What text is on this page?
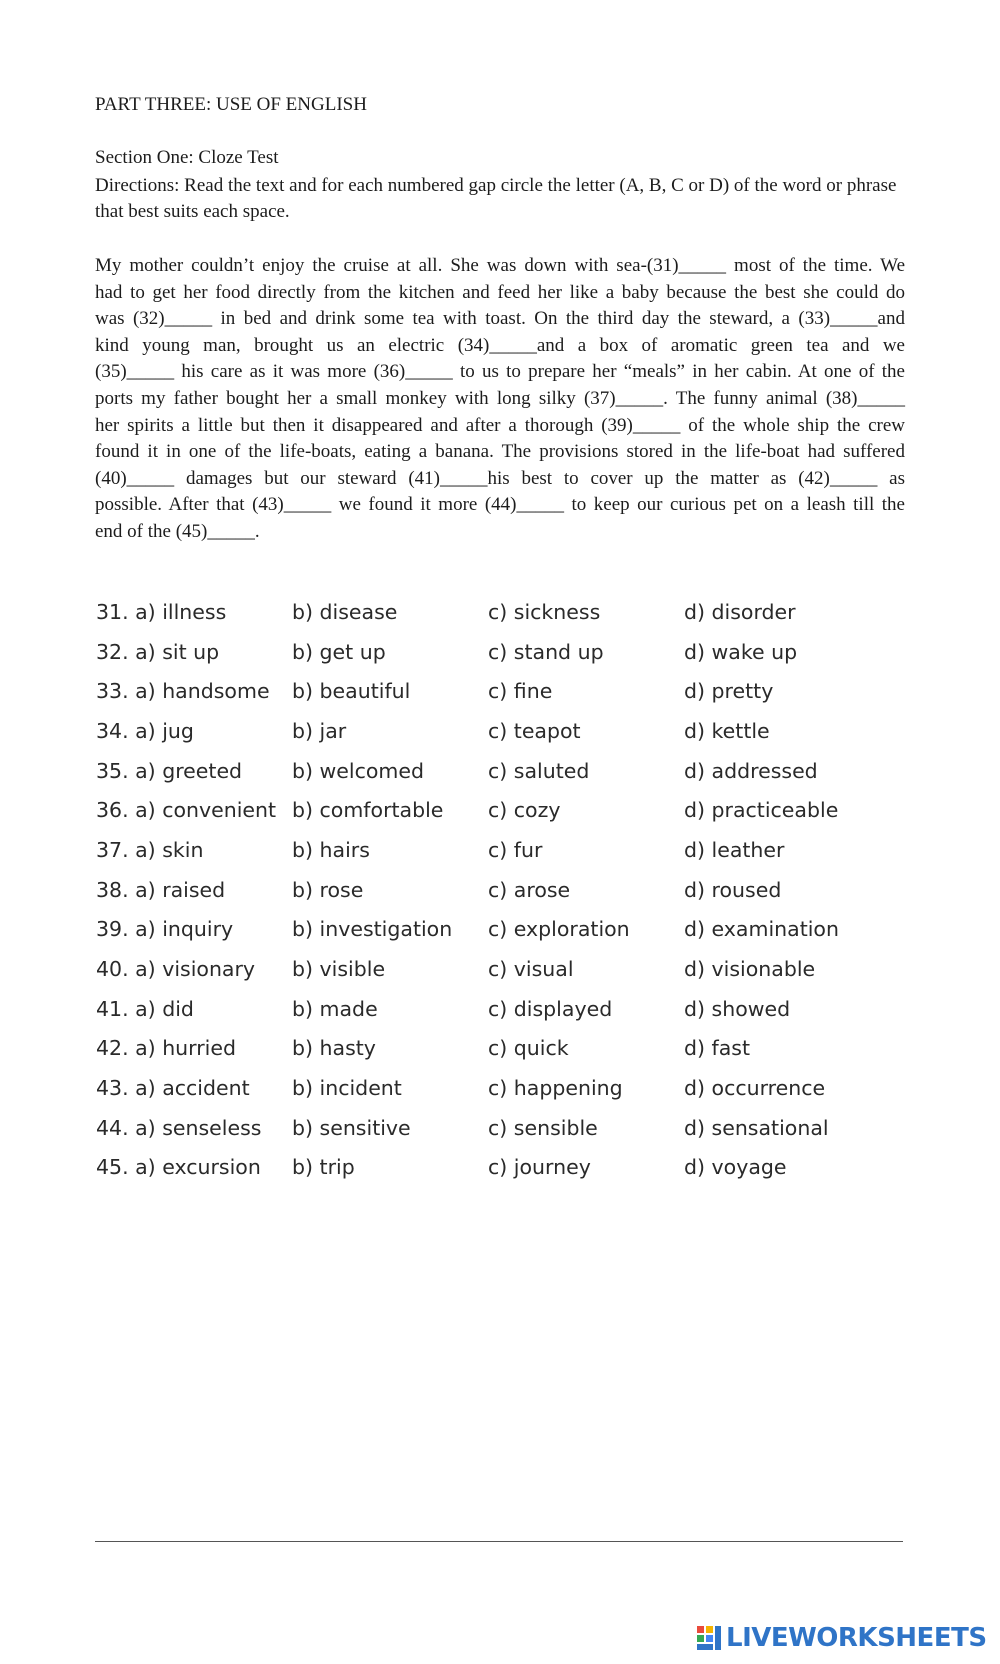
PART THREE: USE OF ENGLISH
Section One: Cloze Test
Directions: Read the text and for each numbered gap circle the letter (A, B, C or D) of the word or phrase that best suits each space.
My mother couldn’t enjoy the cruise at all. She was down with sea-(31)_____ most of the time. We
had to get her food directly from the kitchen and feed her like a baby because the best she could do
was (32)_____ in bed and drink some tea with toast. On the third day the steward, a (33)_____and
kind young man, brought us an electric (34)_____and a box of aromatic green tea and we
(35)_____ his care as it was more (36)_____ to us to prepare her “meals” in her cabin. At one of the
ports my father bought her a small monkey with long silky (37)_____. The funny animal (38)_____
her spirits a little but then it disappeared and after a thorough (39)_____ of the whole ship the crew
found it in one of the life-boats, eating a banana. The provisions stored in the life-boat had suffered
(40)_____ damages but our steward (41)_____his best to cover up the matter as (42)_____ as
possible. After that (43)_____ we found it more (44)_____ to keep our curious pet on a leash till the
end of the (45)_____.
31. a) illness	b) disease	c) sickness	d) disorder
32. a) sit up	b) get up	c) stand up	d) wake up
33. a) handsome	b) beautiful	c) fine	d) pretty
34. a) jug	b) jar	c) teapot	d) kettle
35. a) greeted	b) welcomed	c) saluted	d) addressed
36. a) convenient b) comfortable	c) cozy	d) practiceable
37. a) skin	b) hairs	c) fur	d) leather
38. a) raised	b) rose	c) arose	d) roused
39. a) inquiry	b) investigation	c) exploration	d) examination
40. a) visionary	b) visible	c) visual	d) visionable
41. a) did	b) made	c) displayed	d) showed
42. a) hurried	b) hasty	c) quick	d) fast
43. a) accident	b) incident	c) happening	d) occurrence
44. a) senseless	b) sensitive	c) sensible	d) sensational
45. a) excursion	b) trip	c) journey	d) voyage
LIVEWORKSHEETS
